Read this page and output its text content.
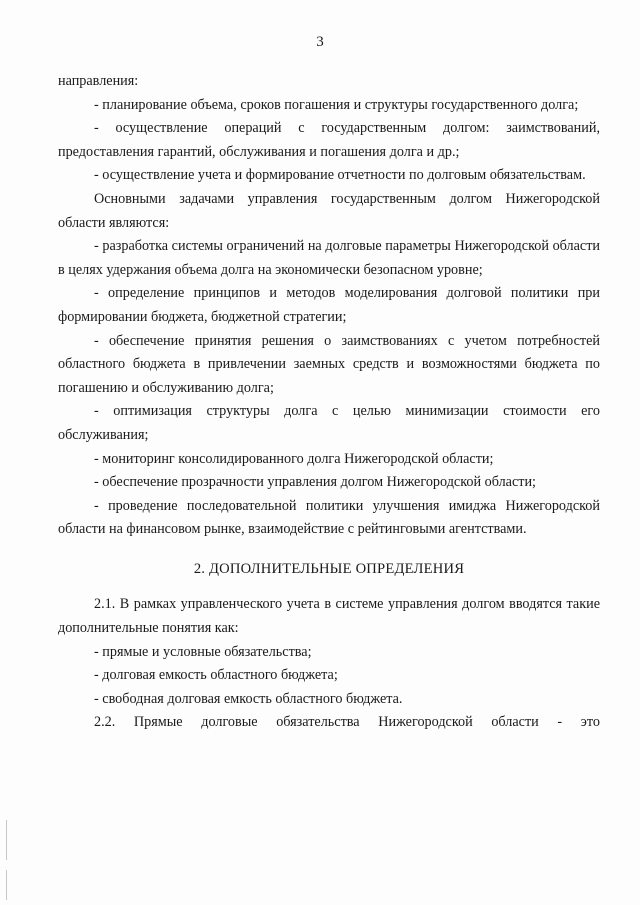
3

направления:

- планирование объема, сроков погашения и структуры государственного долга;

- осуществление операций с государственным долгом: заимствований, предоставления гарантий, обслуживания и погашения долга и др.;

- осуществление учета и формирование отчетности по долговым обязательствам.

Основными задачами управления государственным долгом Нижегородской области являются:

- разработка системы ограничений на долговые параметры Нижегородской области в целях удержания объема долга на экономически безопасном уровне;

- определение принципов и методов моделирования долговой политики при формировании бюджета, бюджетной стратегии;

- обеспечение принятия решения о заимствованиях с учетом потребностей областного бюджета в привлечении заемных средств и возможностями бюджета по погашению и обслуживанию долга;

- оптимизация структуры долга с целью минимизации стоимости его обслуживания;

- мониторинг консолидированного долга Нижегородской области;

- обеспечение прозрачности управления долгом Нижегородской области;

- проведение последовательной политики улучшения имиджа Нижегородской области на финансовом рынке, взаимодействие с рейтинговыми агентствами.

2. ДОПОЛНИТЕЛЬНЫЕ ОПРЕДЕЛЕНИЯ

2.1. В рамках управленческого учета в системе управления долгом вводятся такие дополнительные понятия как:

- прямые и условные обязательства;

- долговая емкость областного бюджета;

- свободная долговая емкость областного бюджета.

2.2. Прямые долговые обязательства Нижегородской области - это
